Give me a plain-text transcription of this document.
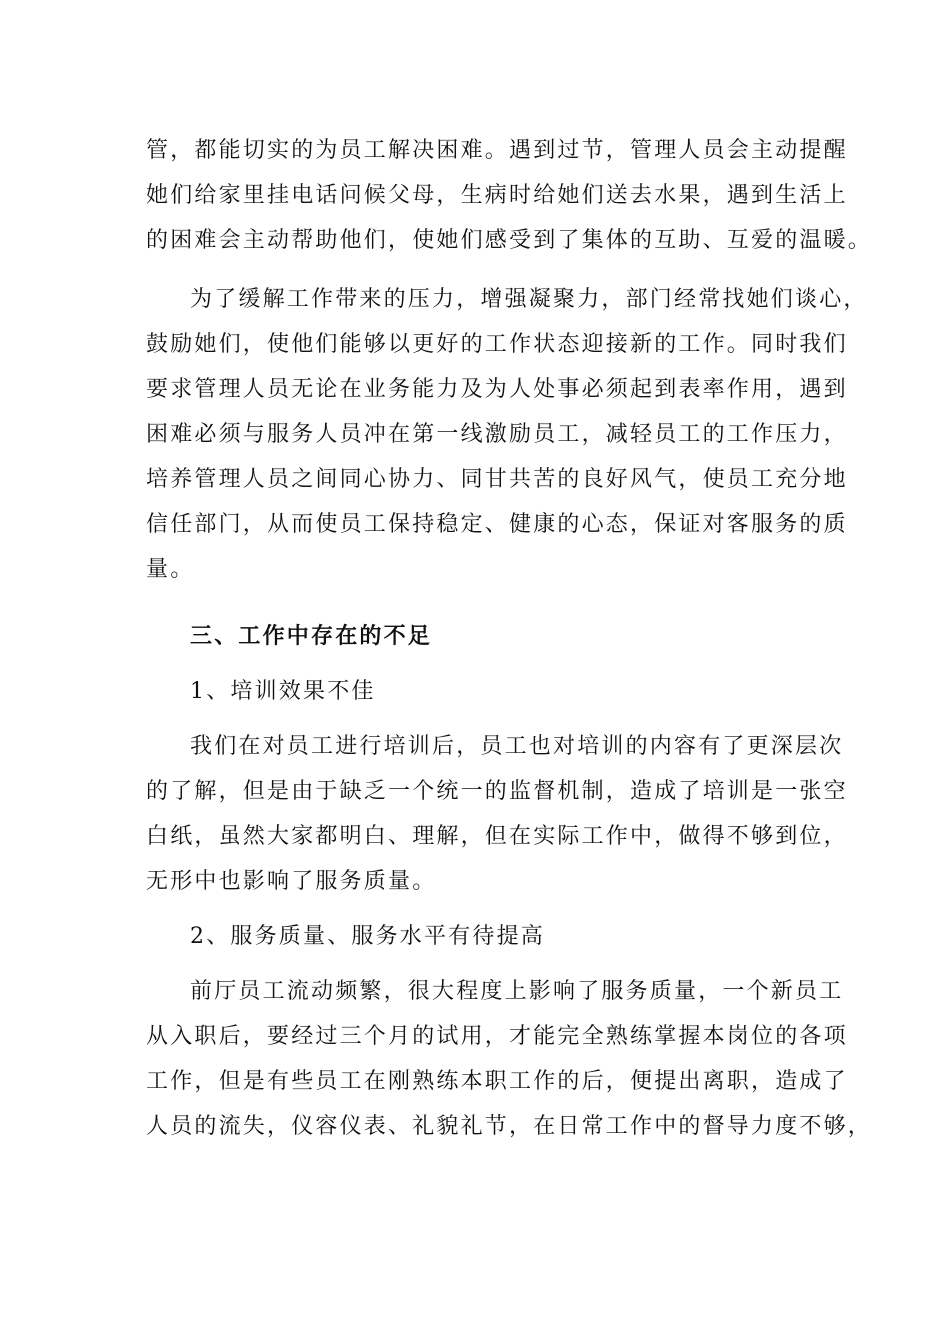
管，都能切实的为员工解决困难。遇到过节，管理人员会主动提醒
她们给家里挂电话问候父母，生病时给她们送去水果，遇到生活上
的困难会主动帮助他们，使她们感受到了集体的互助、互爱的温暖。
为了缓解工作带来的压力，增强凝聚力，部门经常找她们谈心，
鼓励她们，使他们能够以更好的工作状态迎接新的工作。同时我们
要求管理人员无论在业务能力及为人处事必须起到表率作用，遇到
困难必须与服务人员冲在第一线激励员工，减轻员工的工作压力，
培养管理人员之间同心协力、同甘共苦的良好风气，使员工充分地
信任部门，从而使员工保持稳定、健康的心态，保证对客服务的质
量。
三、工作中存在的不足
1、培训效果不佳
我们在对员工进行培训后，员工也对培训的内容有了更深层次
的了解，但是由于缺乏一个统一的监督机制，造成了培训是一张空
白纸，虽然大家都明白、理解，但在实际工作中，做得不够到位，
无形中也影响了服务质量。
2、服务质量、服务水平有待提高
前厅员工流动频繁，很大程度上影响了服务质量，一个新员工
从入职后，要经过三个月的试用，才能完全熟练掌握本岗位的各项
工作，但是有些员工在刚熟练本职工作的后，便提出离职，造成了
人员的流失，仪容仪表、礼貌礼节，在日常工作中的督导力度不够，
